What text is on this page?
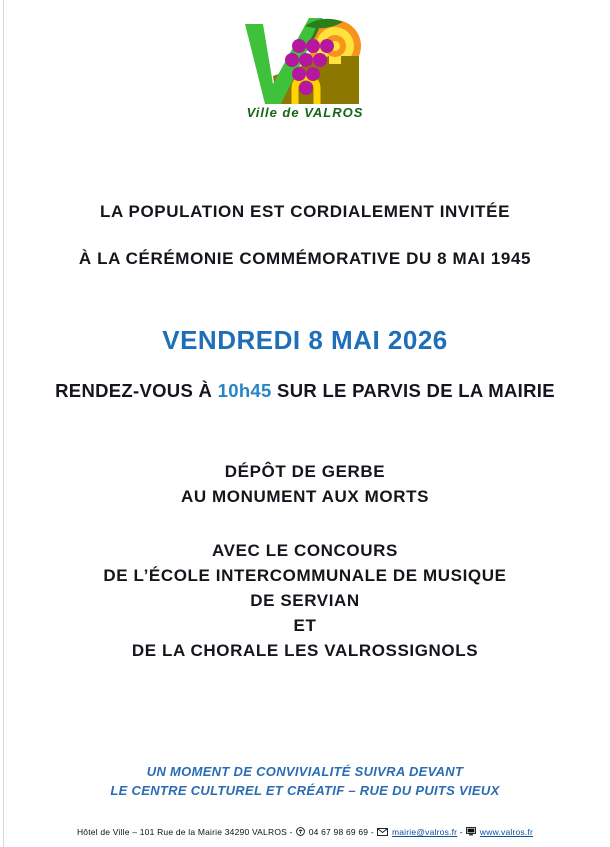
Ville de VALROS
LA POPULATION EST CORDIALEMENT INVITÉE
À LA CÉRÉMONIE COMMÉMORATIVE DU 8 MAI 1945
VENDREDI 8 MAI 2026
RENDEZ-VOUS À 10h45 SUR LE PARVIS DE LA MAIRIE
DÉPÔT DE GERBE
AU MONUMENT AUX MORTS
AVEC LE CONCOURS
DE L’ÉCOLE INTERCOMMUNALE DE MUSIQUE
DE SERVIAN
ET
DE LA CHORALE LES VALROSSIGNOLS
UN MOMENT DE CONVIVIALITÉ SUIVRA DEVANT
LE CENTRE CULTUREL ET CRÉATIF – RUE DU PUITS VIEUX
Hôtel de Ville – 101 Rue de la Mairie 34290 VALROS - 04 67 98 69 69 - mairie@valros.fr - www.valros.fr
